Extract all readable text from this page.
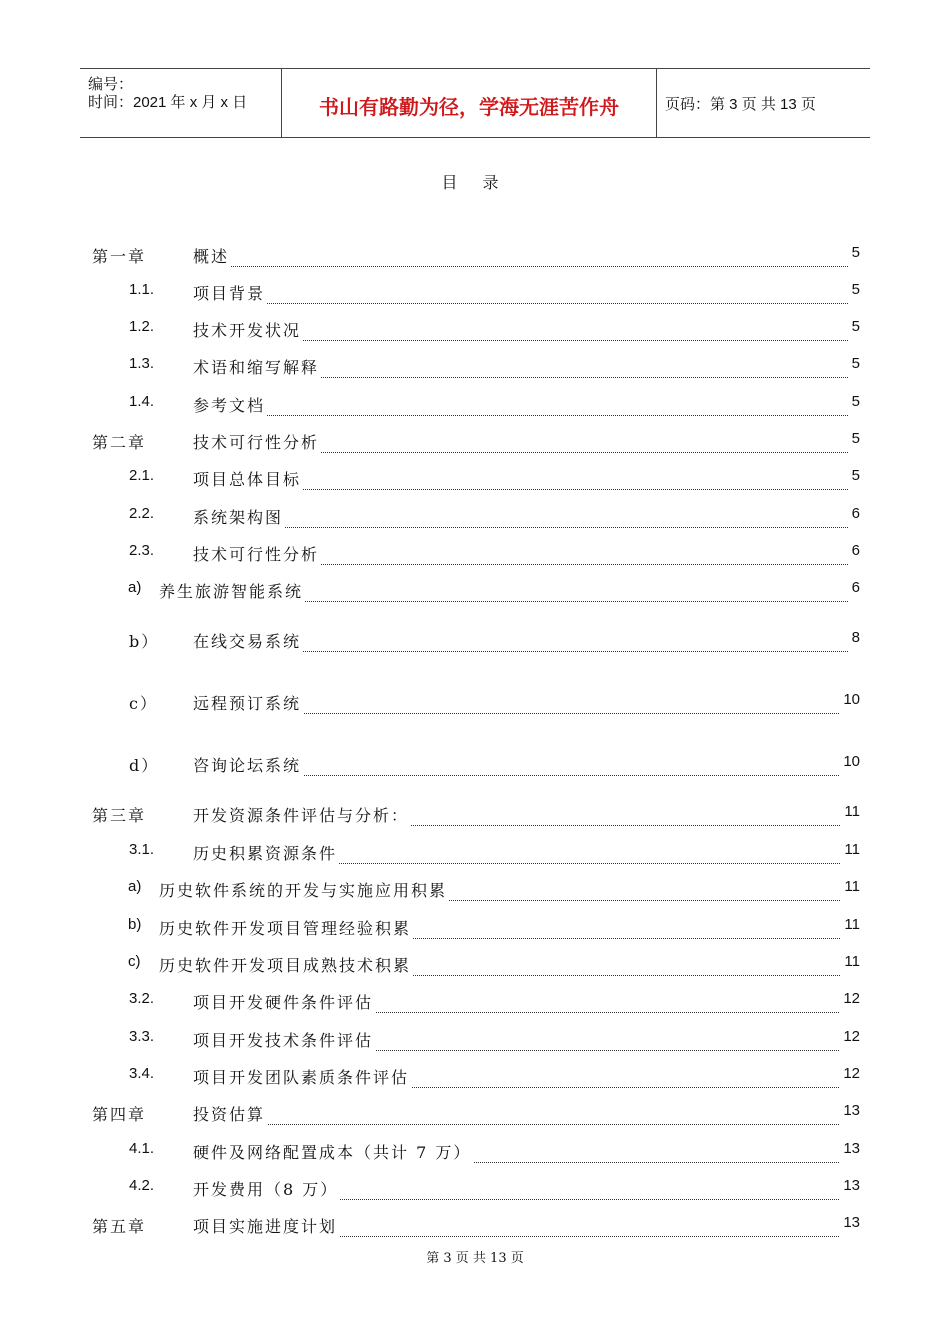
编号：
时间：2021 年 x 月 x 日	书山有路勤为径，学海无涯苦作舟	页码：第 3 页 共 13 页
目 录
第一章	概述	5
1.1. 项目背景	5
1.2. 技术开发状况	5
1.3. 术语和缩写解释	5
1.4. 参考文档	5
第二章	技术可行性分析	5
2.1. 项目总体目标	5
2.2. 系统架构图	6
2.3. 技术可行性分析	6
a) 养生旅游智能系统	6
b） 在线交易系统	8
c） 远程预订系统	10
d） 咨询论坛系统	10
第三章	开发资源条件评估与分析：	11
3.1. 历史积累资源条件	11
a) 历史软件系统的开发与实施应用积累	11
b) 历史软件开发项目管理经验积累	11
c) 历史软件开发项目成熟技术积累	11
3.2. 项目开发硬件条件评估	12
3.3. 项目开发技术条件评估	12
3.4. 项目开发团队素质条件评估	12
第四章	投资估算	13
4.1. 硬件及网络配置成本（共计 7 万）	13
4.2. 开发费用（8 万）	13
第五章	项目实施进度计划	13
第 3 页 共 13 页
